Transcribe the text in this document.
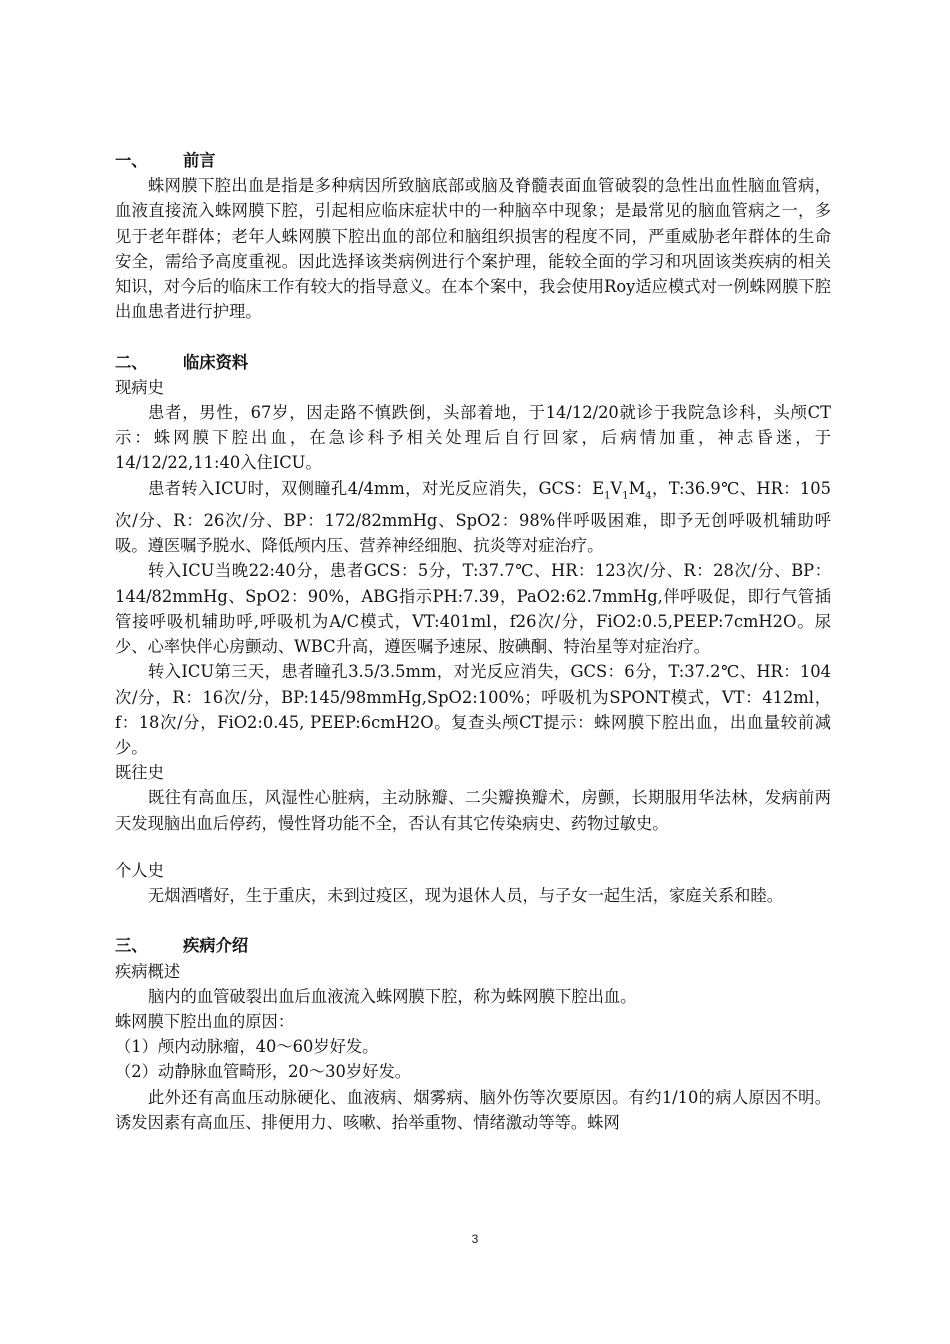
一、 前言
蛛网膜下腔出血是指是多种病因所致脑底部或脑及脊髓表面血管破裂的急性出血性脑血管病，血液直接流入蛛网膜下腔，引起相应临床症状中的一种脑卒中现象；是最常见的脑血管病之一，多见于老年群体；老年人蛛网膜下腔出血的部位和脑组织损害的程度不同，严重威胁老年群体的生命安全，需给予高度重视。因此选择该类病例进行个案护理，能较全面的学习和巩固该类疾病的相关知识，对今后的临床工作有较大的指导意义。在本个案中，我会使用Roy适应模式对一例蛛网膜下腔出血患者进行护理。
二、 临床资料
现病史
患者，男性，67岁，因走路不慎跌倒，头部着地，于14/12/20就诊于我院急诊科，头颅CT示：蛛网膜下腔出血，在急诊科予相关处理后自行回家，后病情加重，神志昏迷，于14/12/22,11:40入住ICU。
患者转入ICU时，双侧瞳孔4/4mm，对光反应消失，GCS：$E_1V_1M_4$，T:36.9℃、HR：105次/分、R：26次/分、BP：172/82mmHg、SpO2：98%伴呼吸困难，即予无创呼吸机辅助呼吸。遵医嘱予脱水、降低颅内压、营养神经细胞、抗炎等对症治疗。
转入ICU当晚22:40分，患者GCS：5分，T:37.7℃、HR：123次/分、R：28次/分、BP：144/82mmHg、SpO2：90%，ABG指示PH:7.39，PaO2:62.7mmHg,伴呼吸促，即行气管插管接呼吸机辅助呼,呼吸机为A/C模式，VT:401ml，f26次/分，FiO2:0.5,PEEP:7cmH2O。尿少、心率快伴心房颤动、WBC升高，遵医嘱予速尿、胺碘酮、特治星等对症治疗。
转入ICU第三天，患者瞳孔3.5/3.5mm，对光反应消失，GCS：6分，T:37.2℃、HR：104次/分，R：16次/分，BP:145/98mmHg,SpO2:100%；呼吸机为SPONT模式，VT：412ml，f：18次/分，FiO2:0.45, PEEP:6cmH2O。复查头颅CT提示：蛛网膜下腔出血，出血量较前减少。
既往史
既往有高血压，风湿性心脏病，主动脉瓣、二尖瓣换瓣术，房颤，长期服用华法林，发病前两天发现脑出血后停药，慢性肾功能不全，否认有其它传染病史、药物过敏史。
个人史
无烟酒嗜好，生于重庆，未到过疫区，现为退休人员，与子女一起生活，家庭关系和睦。
三、 疾病介绍
疾病概述
脑内的血管破裂出血后血液流入蛛网膜下腔，称为蛛网膜下腔出血。
蛛网膜下腔出血的原因：
（1）颅内动脉瘤，40～60岁好发。
（2）动静脉血管畸形，20～30岁好发。
此外还有高血压动脉硬化、血液病、烟雾病、脑外伤等次要原因。有约1/10的病人原因不明。诱发因素有高血压、排便用力、咳嗽、抬举重物、情绪激动等等。蛛网
3
